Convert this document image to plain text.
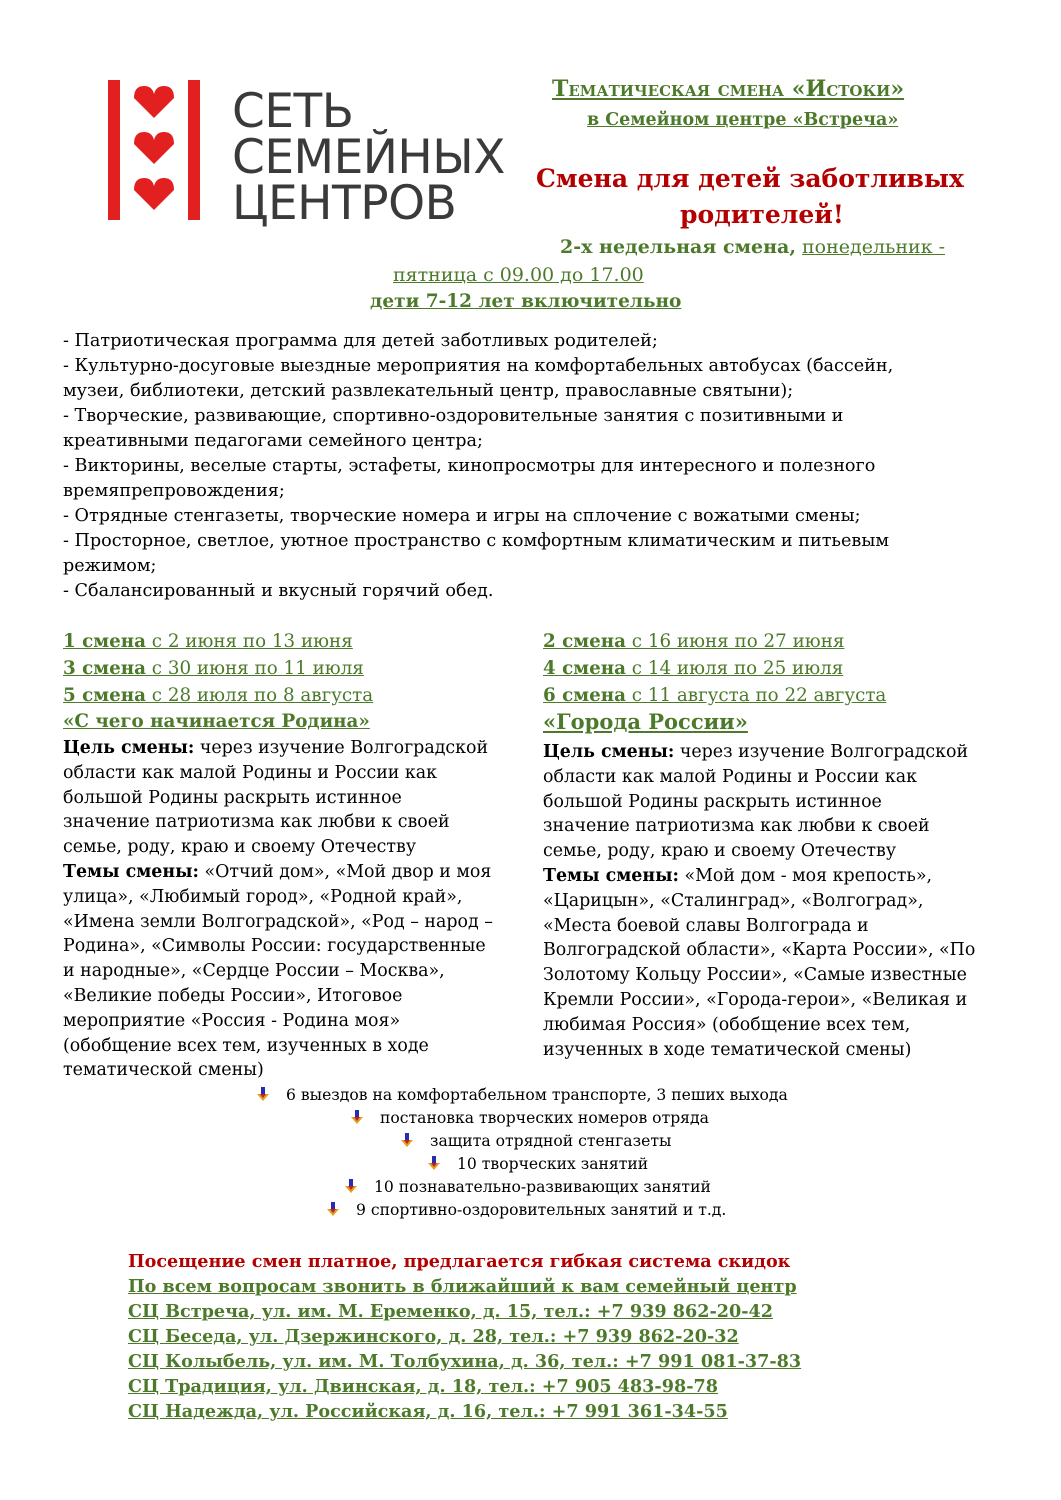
СЕТЬ
СЕМЕЙНЫХ
ЦЕНТРОВ
Тематическая смена «Истоки»
в Семейном центре «Встреча»
Смена для детей заботливых
родителей!
2-х недельная смена, понедельник -
пятница с 09.00 до 17.00
дети 7-12 лет включительно
- Патриотическая программа для детей заботливых родителей;
- Культурно-досуговые выездные мероприятия на комфортабельных автобусах (бассейн,
музеи, библиотеки, детский развлекательный центр, православные святыни);
- Творческие, развивающие, спортивно-оздоровительные занятия с позитивными и
креативными педагогами семейного центра;
- Викторины, веселые старты, эстафеты, кинопросмотры для интересного и полезного
времяпрепровождения;
- Отрядные стенгазеты, творческие номера и игры на сплочение с вожатыми смены;
- Просторное, светлое, уютное пространство с комфортным климатическим и питьевым
режимом;
- Сбалансированный и вкусный горячий обед.
1 смена с 2 июня по 13 июня
3 смена с 30 июня по 11 июля
5 смена с 28 июля по 8 августа
«С чего начинается Родина»
Цель смены: через изучение Волгоградской
области как малой Родины и России как
большой Родины раскрыть истинное
значение патриотизма как любви к своей
семье, роду, краю и своему Отечеству
Темы смены: «Отчий дом», «Мой двор и моя
улица», «Любимый город», «Родной край»,
«Имена земли Волгоградской», «Род – народ –
Родина», «Символы России: государственные
и народные», «Сердце России – Москва»,
«Великие победы России», Итоговое
мероприятие «Россия - Родина моя»
(обобщение всех тем, изученных в ходе
тематической смены)
2 смена с 16 июня по 27 июня
4 смена с 14 июля по 25 июля
6 смена с 11 августа по 22 августа
«Города России»
Цель смены: через изучение Волгоградской
области как малой Родины и России как
большой Родины раскрыть истинное
значение патриотизма как любви к своей
семье, роду, краю и своему Отечеству
Темы смены: «Мой дом - моя крепость»,
«Царицын», «Сталинград», «Волгоград»,
«Места боевой славы Волгограда и
Волгоградской области», «Карта России», «По
Золотому Кольцу России», «Самые известные
Кремли России», «Города-герои», «Великая и
любимая Россия» (обобщение всех тем,
изученных в ходе тематической смены)
6 выездов на комфортабельном транспорте, 3 пеших выхода
постановка творческих номеров отряда
защита отрядной стенгазеты
10 творческих занятий
10 познавательно-развивающих занятий
9 спортивно-оздоровительных занятий и т.д.
Посещение смен платное, предлагается гибкая система скидок
По всем вопросам звонить в ближайший к вам семейный центр
СЦ Встреча, ул. им. М. Еременко, д. 15, тел.: +7 939 862-20-42
СЦ Беседа, ул. Дзержинского, д. 28, тел.: +7 939 862-20-32
СЦ Колыбель, ул. им. М. Толбухина, д. 36, тел.: +7 991 081-37-83
СЦ Традиция, ул. Двинская, д. 18, тел.: +7 905 483-98-78
СЦ Надежда, ул. Российская, д. 16, тел.: +7 991 361-34-55
